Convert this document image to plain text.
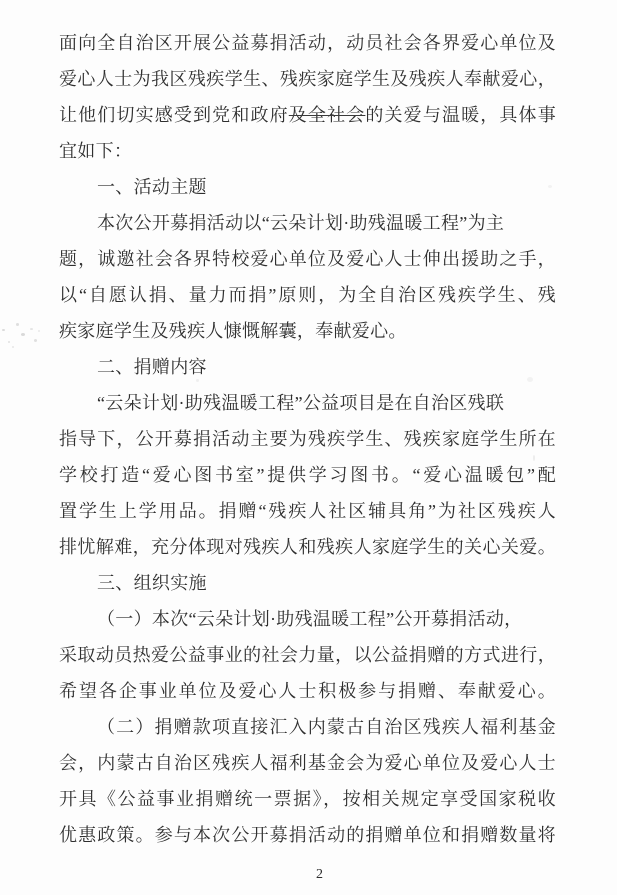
面向全自治区开展公益募捐活动，动员社会各界爱心单位及
爱心人士为我区残疾学生、残疾家庭学生及残疾人奉献爱心，
让他们切实感受到党和政府及全社会的关爱与温暖，具体事
宜如下：
一、活动主题
本次公开募捐活动以“云朵计划·助残温暖工程”为主
题，诚邀社会各界特校爱心单位及爱心人士伸出援助之手，
以“自愿认捐、量力而捐”原则，为全自治区残疾学生、残
疾家庭学生及残疾人慷慨解囊，奉献爱心。
二、捐赠内容
“云朵计划·助残温暖工程”公益项目是在自治区残联
指导下，公开募捐活动主要为残疾学生、残疾家庭学生所在
学校打造“爱心图书室”提供学习图书。“爱心温暖包”配
置学生上学用品。捐赠“残疾人社区辅具角”为社区残疾人
排忧解难，充分体现对残疾人和残疾人家庭学生的关心关爱。
三、组织实施
（一）本次“云朵计划·助残温暖工程”公开募捐活动，
采取动员热爱公益事业的社会力量，以公益捐赠的方式进行，
希望各企事业单位及爱心人士积极参与捐赠、奉献爱心。
（二）捐赠款项直接汇入内蒙古自治区残疾人福利基金
会，内蒙古自治区残疾人福利基金会为爱心单位及爱心人士
开具《公益事业捐赠统一票据》，按相关规定享受国家税收
优惠政策。参与本次公开募捐活动的捐赠单位和捐赠数量将
2
